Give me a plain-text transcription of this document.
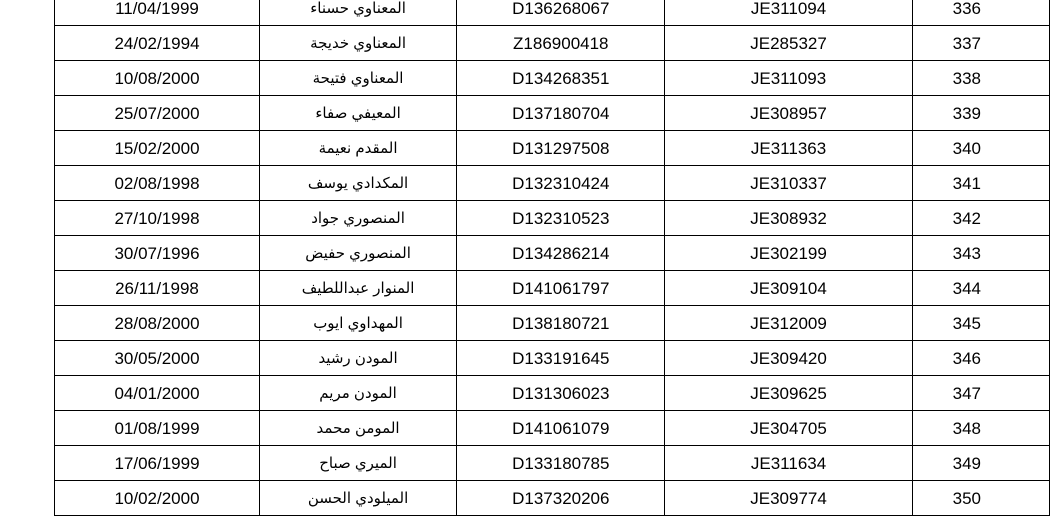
11/04/1999	المعناوي حسناء	D136268067	JE311094	336
24/02/1994	المعناوي خديجة	Z186900418	JE285327	337
10/08/2000	المعناوي فتيحة	D134268351	JE311093	338
25/07/2000	المعيفي صفاء	D137180704	JE308957	339
15/02/2000	المقدم نعيمة	D131297508	JE311363	340
02/08/1998	المكدادي يوسف	D132310424	JE310337	341
27/10/1998	المنصوري جواد	D132310523	JE308932	342
30/07/1996	المنصوري حفيض	D134286214	JE302199	343
26/11/1998	المنوار عبداللطيف	D141061797	JE309104	344
28/08/2000	المهداوي ايوب	D138180721	JE312009	345
30/05/2000	المودن رشيد	D133191645	JE309420	346
04/01/2000	المودن مريم	D131306023	JE309625	347
01/08/1999	المومن محمد	D141061079	JE304705	348
17/06/1999	الميري صباح	D133180785	JE311634	349
10/02/2000	الميلودي الحسن	D137320206	JE309774	350
